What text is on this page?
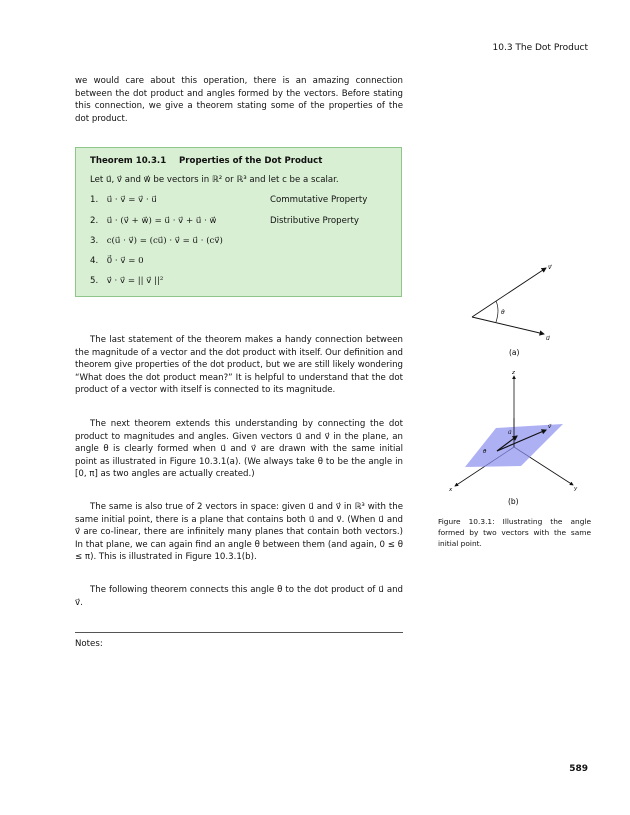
10.3 The Dot Product

we would care about this operation, there is an amazing connection between the dot product and angles formed by the vectors. Before stating this connection, we give a theorem stating some of the properties of the dot product.

Theorem 10.3.1 Properties of the Dot Product
Let u⃗, v⃗ and w⃗ be vectors in ℝ² or ℝ³ and let c be a scalar.
1. u⃗ · v⃗ = v⃗ · u⃗	Commutative Property
2. u⃗ · (v⃗ + w⃗) = u⃗ · v⃗ + u⃗ · w⃗	Distributive Property
3. c(u⃗ · v⃗) = (cu⃗) · v⃗ = u⃗ · (cv⃗)
4. 0⃗ · v⃗ = 0
5. v⃗ · v⃗ = || v⃗ ||²

The last statement of the theorem makes a handy connection between the magnitude of a vector and the dot product with itself. Our definition and theorem give properties of the dot product, but we are still likely wondering “What does the dot product mean?” It is helpful to understand that the dot product of a vector with itself is connected to its magnitude.

The next theorem extends this understanding by connecting the dot product to magnitudes and angles. Given vectors u⃗ and v⃗ in the plane, an angle θ is clearly formed when u⃗ and v⃗ are drawn with the same initial point as illustrated in Figure 10.3.1(a). (We always take θ to be the angle in [0, π] as two angles are actually created.)

The same is also true of 2 vectors in space: given u⃗ and v⃗ in ℝ³ with the same initial point, there is a plane that contains both u⃗ and v⃗. (When u⃗ and v⃗ are co-linear, there are infinitely many planes that contain both vectors.) In that plane, we can again find an angle θ between them (and again, 0 ≤ θ ≤ π). This is illustrated in Figure 10.3.1(b).

The following theorem connects this angle θ to the dot product of u⃗ and v⃗.

θ
v⃗
u⃗
(a)
z
x	y
u⃗
v⃗
θ
(b)
Figure 10.3.1: Illustrating the angle formed by two vectors with the same initial point.
Notes:
589
